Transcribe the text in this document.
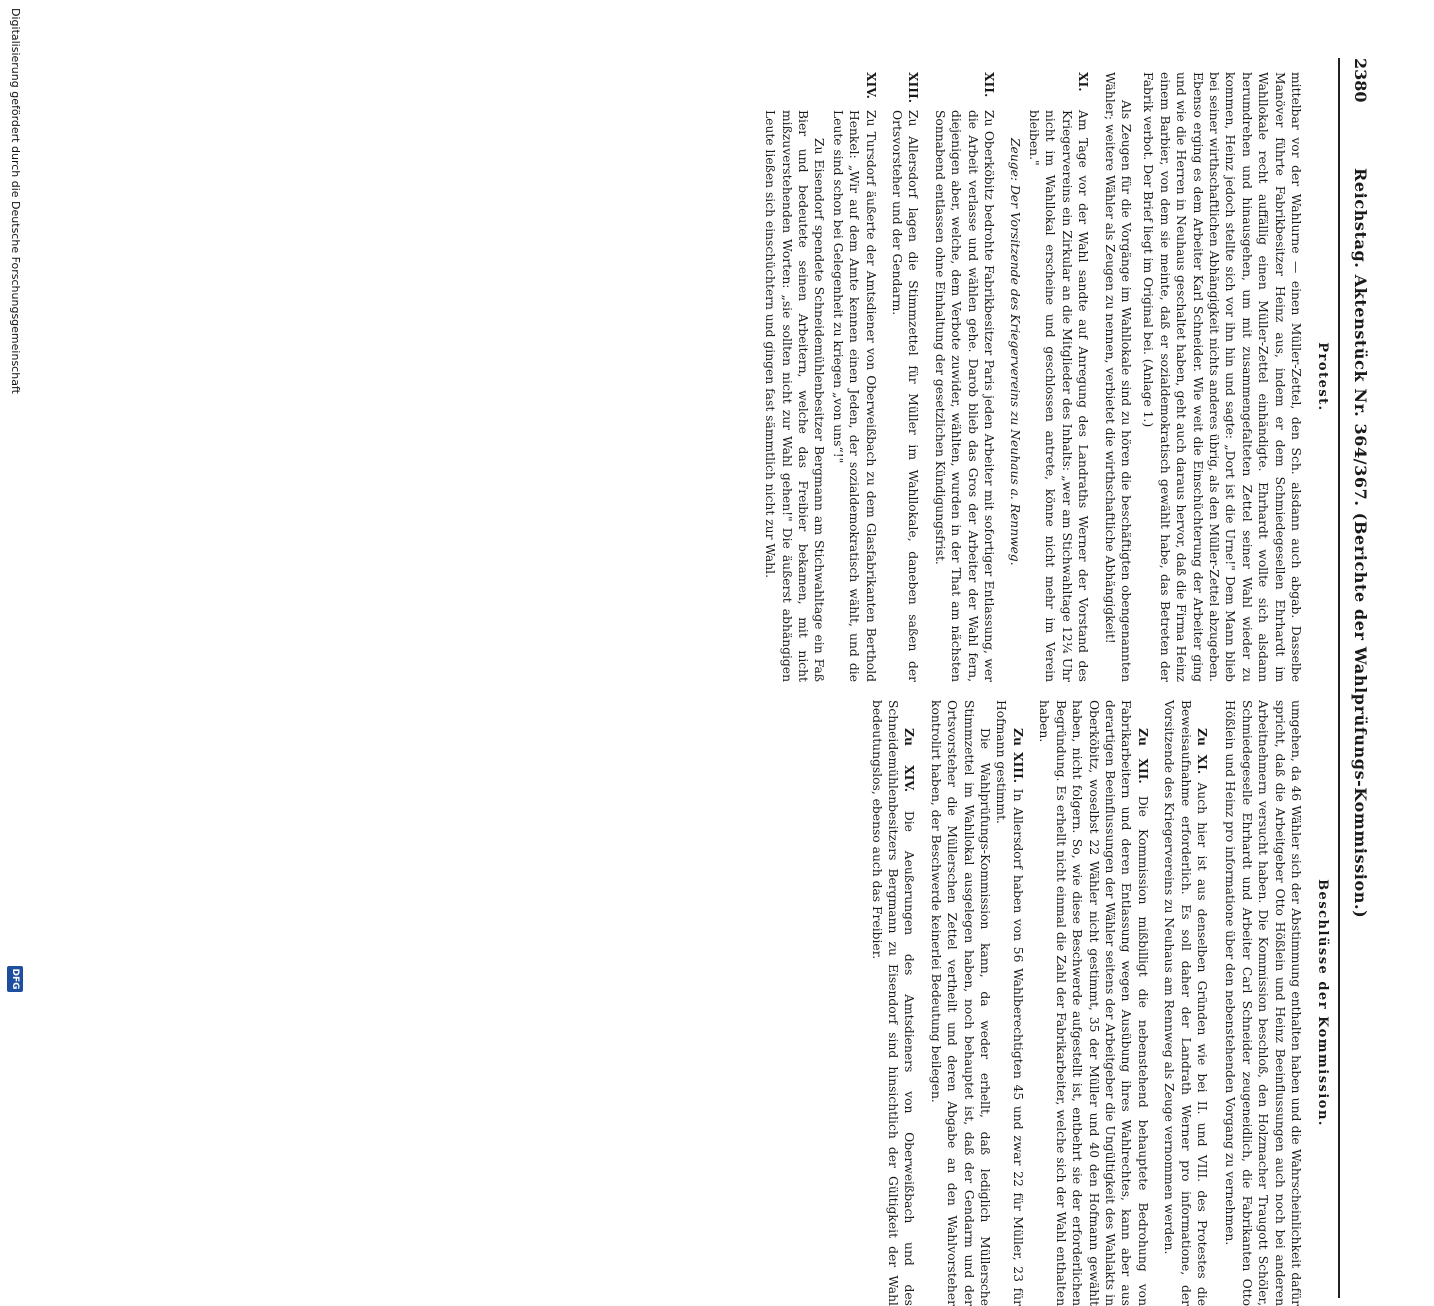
2380
Reichstag. Aktenstück Nr. 364/367. (Berichte der Wahlprüfungs-Kommission.)
Protest.
Beschlüsse der Kommission.

mittelbar vor der Wahlurne — einen Müller-Zettel, den Sch. alsdann auch abgab. Dasselbe Manöver führte Fabrikbesitzer Heinz aus, indem er dem Schmiedegesellen Ehrhardt im Wahllokale recht auffällig einen Müller-Zettel einhändigte. Ehrhardt wollte sich alsdann herumdrehen und hinausgehen, um mit zusammengefalteten Zettel seiner Wahl wieder zu kommen, Heinz jedoch stellte sich vor ihn hin und sagte: „Dort ist die Urne!" Dem Mann blieb bei seiner wirthschaftlichen Abhängigkeit nichts anderes übrig, als den Müller-Zettel abzugeben. Ebenso erging es dem Arbeiter Karl Schneider. Wie weit die Einschüchterung der Arbeiter ging und wie die Herren in Neuhaus geschaltet haben, geht auch daraus hervor, daß die Firma Heinz einem Barbier, von dem sie meinte, daß er sozialdemokratisch gewählt habe, das Betreten der Fabrik verbot. Der Brief liegt im Original bei. (Anlage 1.)

Als Zeugen für die Vorgänge im Wahllokale sind zu hören die beschäftigten obengenannten Wähler; weitere Wähler als Zeugen zu nennen, verbietet die wirthschaftliche Abhängigkeit!

XI.

Am Tage vor der Wahl sandte auf Anregung des Landraths Werner der Vorstand des Kriegervereins ein Zirkular an die Mitglieder des Inhalts: „wer am Stichwahltage 12¼ Uhr nicht im Wahllokal erscheine und geschlossen antrete, könne nicht mehr im Verein bleiben."

Zeuge: Der Vorsitzende des Kriegervereins zu Neuhaus a. Rennweg.

XII.

Zu Oberköbitz bedrohte Fabrikbesitzer Paris jeden Arbeiter mit sofortiger Entlassung, wer die Arbeit verlasse und wählen gehe. Darob blieb das Gros der Arbeiter der Wahl fern, diejenigen aber, welche, dem Verbote zuwider, wählten, wurden in der That am nächsten Sonnabend entlassen ohne Einhaltung der gesetzlichen Kündigungsfrist.

XIII.

Zu Allersdorf lagen die Stimmzettel für Müller im Wahllokale, daneben saßen der Ortsvorsteher und der Gendarm.

XIV.

Zu Tursdorf äußerte der Amtsdiener von Oberweißbach zu dem Glasfabrikanten Berthold Henkel: „Wir auf dem Amte kennen einen Jeden, der sozialdemokratisch wählt, und die Leute sind schon bei Gelegenheit zu kriegen „von uns“!"

Zu Eisendorf spendete Schneidemühlenbesitzer Bergmann am Stichwahltage ein Faß Bier und bedeutete seinen Arbeitern, welche das Freibier bekamen, mit nicht mißzuverstehenden Worten: „sie sollten nicht zur Wahl gehen!" Die äußerst abhängigen Leute ließen sich einschüchtern und gingen fast sämmtlich nicht zur Wahl.

umgehen, da 46 Wähler sich der Abstimmung enthalten haben und die Wahrscheinlichkeit dafür spricht, daß die Arbeitgeber Otto Hößlein und Heinz Beeinflussungen auch noch bei anderen Arbeitnehmern versucht haben. Die Kommission beschloß, den Holzmacher Traugott Schöler, Schmiedegeselle Ehrhardt und Arbeiter Carl Schneider zeugeneidlich, die Fabrikanten Otto Hößlein und Heinz pro informatione über den nebenstehenden Vorgang zu vernehmen.

Zu XI. Auch hier ist aus denselben Gründen wie bei II. und VIII. des Protestes die Beweisaufnahme erforderlich. Es soll daher der Landrath Werner pro informatione, der Vorsitzende des Kriegervereins zu Neuhaus am Rennweg als Zeuge vernommen werden.

Zu XII. Die Kommission mißbilligt die nebenstehend behauptete Bedrohung von Fabrikarbeitern und deren Entlassung wegen Ausübung ihres Wahlrechtes, kann aber aus derartigen Beeinflussungen der Wähler seitens der Arbeitgeber die Ungültigkeit des Wahlakts in Oberköbitz, woselbst 22 Wähler nicht gestimmt, 35 der Müller und 40 den Hofmann gewählt haben, nicht folgern. So, wie diese Beschwerde aufgestellt ist, entbehrt sie der erforderlichen Begründung. Es erhellt nicht einmal die Zahl der Fabrikarbeiter, welche sich der Wahl enthalten haben.

Zu XIII. In Allersdorf haben von 56 Wahlberechtigten 45 und zwar 22 für Müller, 23 für Hofmann gestimmt.

Die Wahlprüfungs-Kommission kann, da weder erhellt, daß lediglich Müllersche Stimmzettel im Wahllokal ausgelegen haben, noch behauptet ist, daß der Gendarm und der Ortsvorsteher die Müllerschen Zettel vertheilt und deren Abgabe an den Wahlvorsteher kontrolirt haben, der Beschwerde keinerlei Bedeutung beilegen.

Zu XIV. Die Aeußerungen des Amtsdieners von Oberweißbach und des Schneidemühlenbesitzers Bergmann zu Eisendorf sind hinsichtlich der Gültigkeit der Wahl bedeutungslos, ebenso auch das Freibier.

Digitalisierung gefördert durch die Deutsche Forschungsgemeinschaft
DFG
